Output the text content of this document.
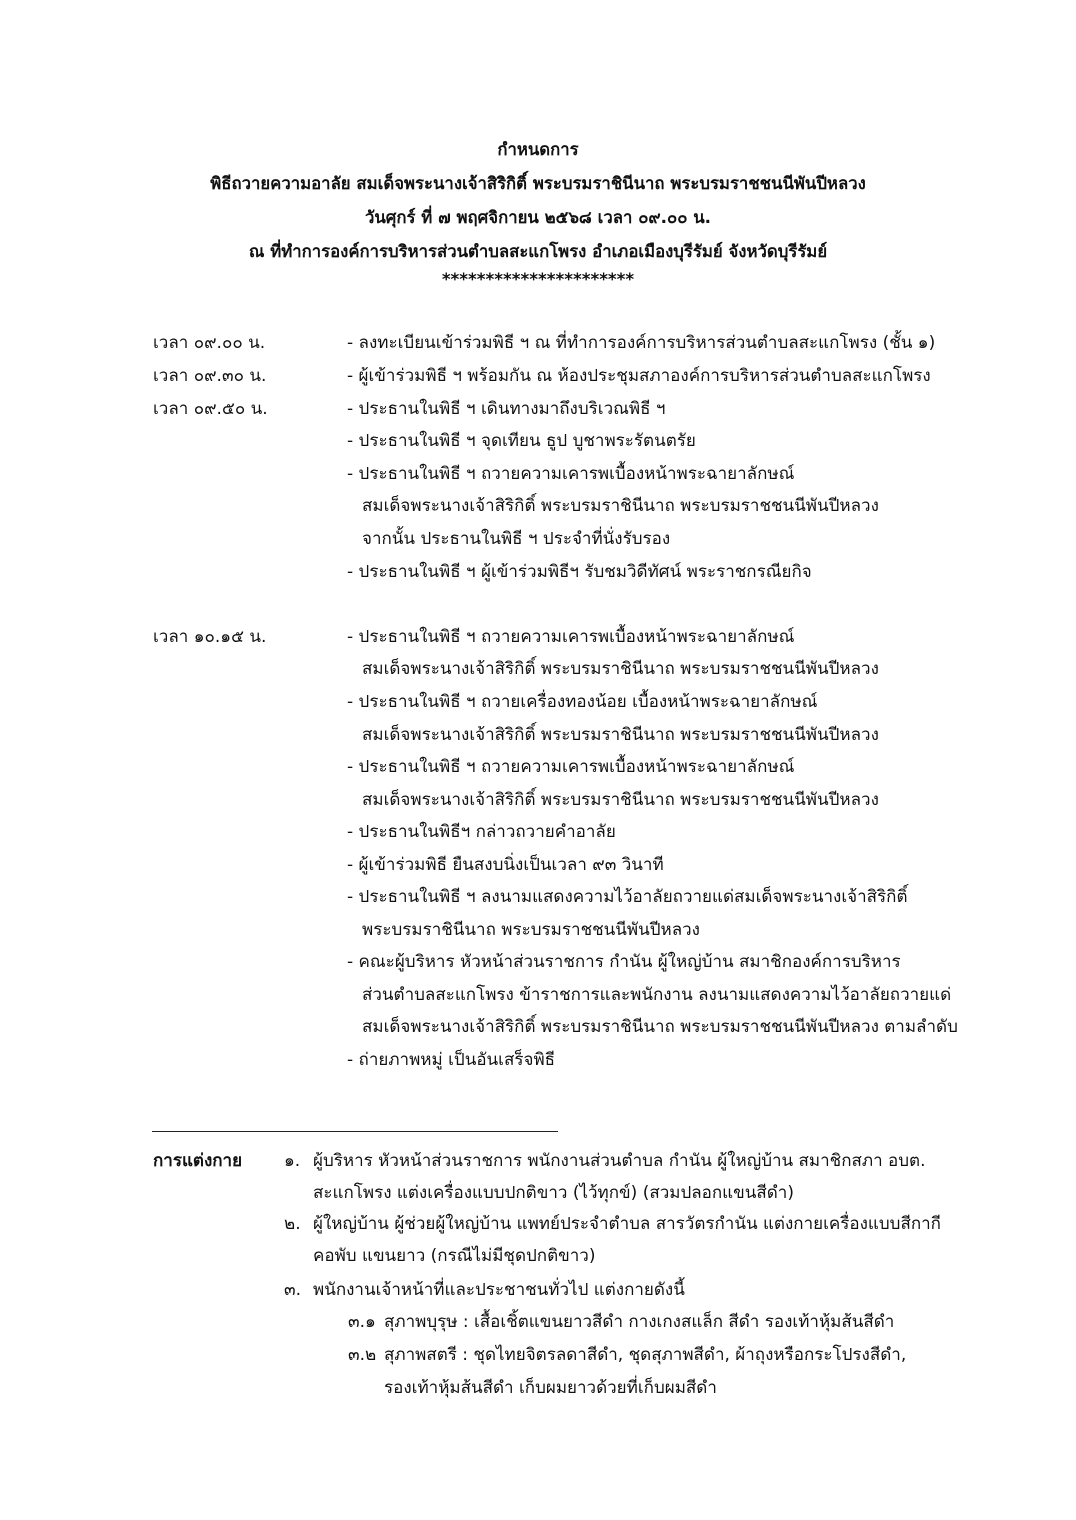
กำหนดการ
พิธีถวายความอาลัย สมเด็จพระนางเจ้าสิริกิติ์ พระบรมราชินีนาถ พระบรมราชชนนีพันปีหลวง
วันศุกร์ ที่ ๗ พฤศจิกายน ๒๕๖๘ เวลา ๐๙.๐๐ น.
ณ ที่ทำการองค์การบริหารส่วนตำบลสะแกโพรง อำเภอเมืองบุรีรัมย์ จังหวัดบุรีรัมย์
**********************
เวลา ๐๙.๐๐ น.	- ลงทะเบียนเข้าร่วมพิธี ฯ ณ ที่ทำการองค์การบริหารส่วนตำบลสะแกโพรง (ชั้น ๑)
เวลา ๐๙.๓๐ น.	- ผู้เข้าร่วมพิธี ฯ พร้อมกัน ณ ห้องประชุมสภาองค์การบริหารส่วนตำบลสะแกโพรง
เวลา ๐๙.๕๐ น.	- ประธานในพิธี ฯ เดินทางมาถึงบริเวณพิธี ฯ
- ประธานในพิธี ฯ จุดเทียน ธูป บูชาพระรัตนตรัย
- ประธานในพิธี ฯ ถวายความเคารพเบื้องหน้าพระฉายาลักษณ์
สมเด็จพระนางเจ้าสิริกิติ์ พระบรมราชินีนาถ พระบรมราชชนนีพันปีหลวง
จากนั้น ประธานในพิธี ฯ ประจำที่นั่งรับรอง
- ประธานในพิธี ฯ ผู้เข้าร่วมพิธีฯ รับชมวิดีทัศน์ พระราชกรณียกิจ
เวลา ๑๐.๑๕ น.	- ประธานในพิธี ฯ ถวายความเคารพเบื้องหน้าพระฉายาลักษณ์
สมเด็จพระนางเจ้าสิริกิติ์ พระบรมราชินีนาถ พระบรมราชชนนีพันปีหลวง
- ประธานในพิธี ฯ ถวายเครื่องทองน้อย เบื้องหน้าพระฉายาลักษณ์
สมเด็จพระนางเจ้าสิริกิติ์ พระบรมราชินีนาถ พระบรมราชชนนีพันปีหลวง
- ประธานในพิธี ฯ ถวายความเคารพเบื้องหน้าพระฉายาลักษณ์
สมเด็จพระนางเจ้าสิริกิติ์ พระบรมราชินีนาถ พระบรมราชชนนีพันปีหลวง
- ประธานในพิธีฯ กล่าวถวายคำอาลัย
- ผู้เข้าร่วมพิธี ยืนสงบนิ่งเป็นเวลา ๙๓ วินาที
- ประธานในพิธี ฯ ลงนามแสดงความไว้อาลัยถวายแด่สมเด็จพระนางเจ้าสิริกิติ์
พระบรมราชินีนาถ พระบรมราชชนนีพันปีหลวง
- คณะผู้บริหาร หัวหน้าส่วนราชการ กำนัน ผู้ใหญ่บ้าน สมาชิกองค์การบริหาร
ส่วนตำบลสะแกโพรง ข้าราชการและพนักงาน ลงนามแสดงความไว้อาลัยถวายแด่
สมเด็จพระนางเจ้าสิริกิติ์ พระบรมราชินีนาถ พระบรมราชชนนีพันปีหลวง ตามลำดับ
- ถ่ายภาพหมู่ เป็นอันเสร็จพิธี
การแต่งกาย ๑. ผู้บริหาร หัวหน้าส่วนราชการ พนักงานส่วนตำบล กำนัน ผู้ใหญ่บ้าน สมาชิกสภา อบต.
สะแกโพรง แต่งเครื่องแบบปกติขาว (ไว้ทุกข์) (สวมปลอกแขนสีดำ)
๒. ผู้ใหญ่บ้าน ผู้ช่วยผู้ใหญ่บ้าน แพทย์ประจำตำบล สารวัตรกำนัน แต่งกายเครื่องแบบสีกากี
คอพับ แขนยาว (กรณีไม่มีชุดปกติขาว)
๓. พนักงานเจ้าหน้าที่และประชาชนทั่วไป แต่งกายดังนี้
๓.๑ สุภาพบุรุษ : เสื้อเชิ้ตแขนยาวสีดำ กางเกงสแล็ก สีดำ รองเท้าหุ้มส้นสีดำ
๓.๒ สุภาพสตรี : ชุดไทยจิตรลดาสีดำ, ชุดสุภาพสีดำ, ผ้าถุงหรือกระโปรงสีดำ,
รองเท้าหุ้มส้นสีดำ เก็บผมยาวด้วยที่เก็บผมสีดำ
